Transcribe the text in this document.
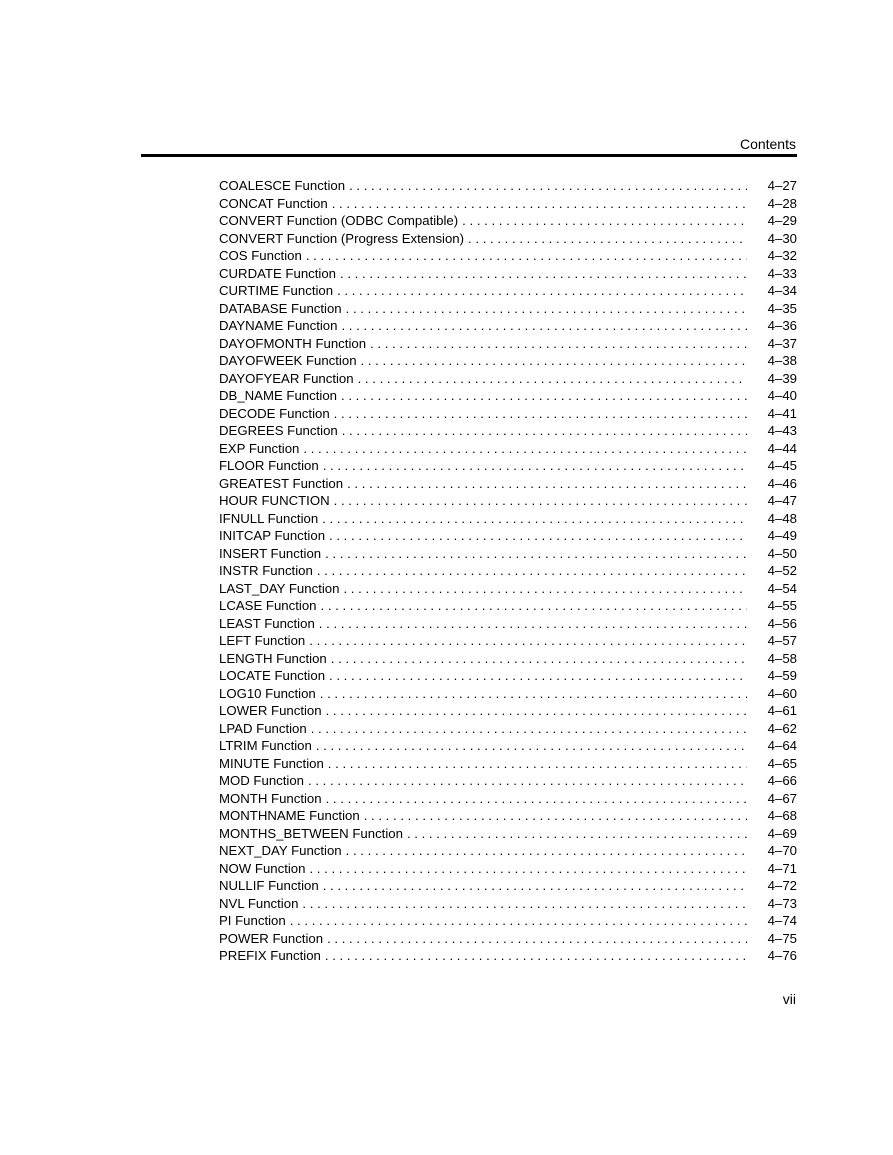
Contents
COALESCE Function . . .	4–27
CONCAT Function . . .	4–28
CONVERT Function (ODBC Compatible) . . .	4–29
CONVERT Function (Progress Extension) . . .	4–30
COS Function . . .	4–32
CURDATE Function . . .	4–33
CURTIME Function . . .	4–34
DATABASE Function . . .	4–35
DAYNAME Function . . .	4–36
DAYOFMONTH Function . . .	4–37
DAYOFWEEK Function . . .	4–38
DAYOFYEAR Function . . .	4–39
DB_NAME Function . . .	4–40
DECODE Function . . .	4–41
DEGREES Function . . .	4–43
EXP Function . . .	4–44
FLOOR Function . . .	4–45
GREATEST Function . . .	4–46
HOUR FUNCTION . . .	4–47
IFNULL Function . . .	4–48
INITCAP Function . . .	4–49
INSERT Function . . .	4–50
INSTR Function . . .	4–52
LAST_DAY Function . . .	4–54
LCASE Function . . .	4–55
LEAST Function . . .	4–56
LEFT Function . . .	4–57
LENGTH Function . . .	4–58
LOCATE Function . . .	4–59
LOG10 Function . . .	4–60
LOWER Function . . .	4–61
LPAD Function . . .	4–62
LTRIM Function . . .	4–64
MINUTE Function . . .	4–65
MOD Function . . .	4–66
MONTH Function . . .	4–67
MONTHNAME Function . . .	4–68
MONTHS_BETWEEN Function . . .	4–69
NEXT_DAY Function . . .	4–70
NOW Function . . .	4–71
NULLIF Function . . .	4–72
NVL Function . . .	4–73
PI Function . . .	4–74
POWER Function . . .	4–75
PREFIX Function . . .	4–76
vii
